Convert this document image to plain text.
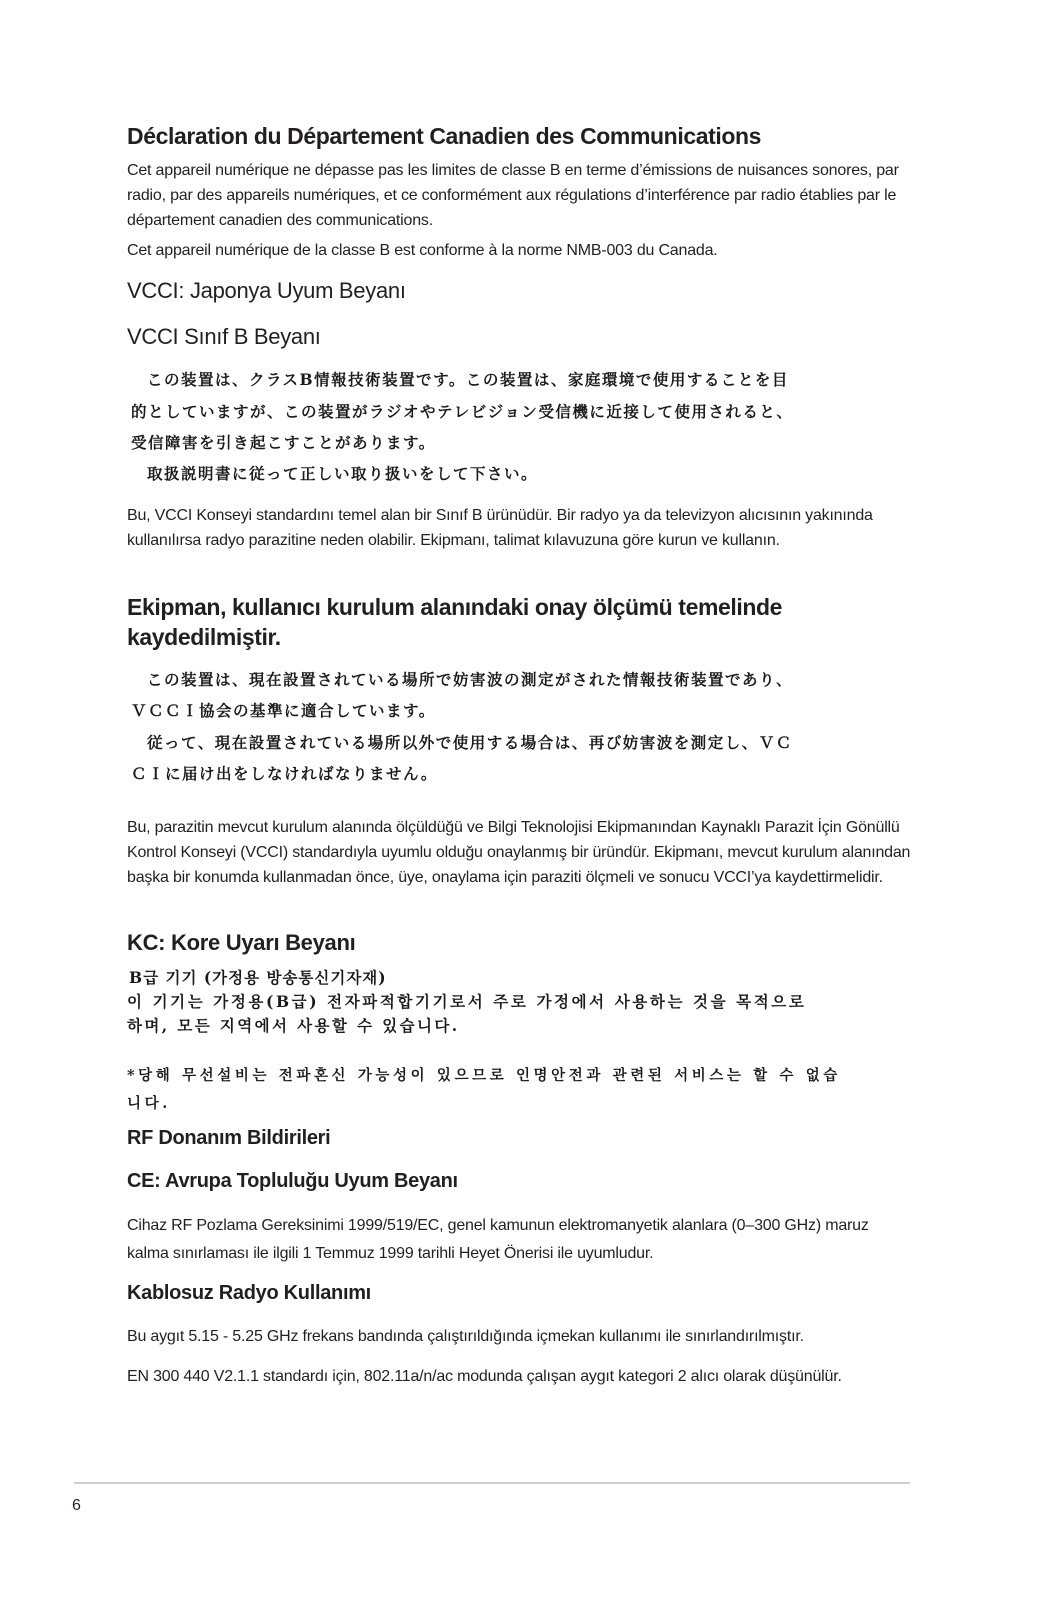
Déclaration du Département Canadien des Communications

Cet appareil numérique ne dépasse pas les limites de classe B en terme d’émissions de nuisances sonores, par radio, par des appareils numériques, et ce conformément aux régulations d’interférence par radio établies par le département canadien des communications.

Cet appareil numérique de la classe B est conforme à la norme NMB-003 du Canada.

VCCI: Japonya Uyum Beyanı
VCCI Sınıf B Beyanı
この装置は、クラスB情報技術装置です。この装置は、家庭環境で使用することを目
的としていますが、この装置がラジオやテレビジョン受信機に近接して使用されると、
受信障害を引き起こすことがあります。
取扱説明書に従って正しい取り扱いをして下さい。

Bu, VCCI Konseyi standardını temel alan bir Sınıf B ürünüdür. Bir radyo ya da televizyon alıcısının yakınında kullanılırsa radyo parazitine neden olabilir. Ekipmanı, talimat kılavuzuna göre kurun ve kullanın.

Ekipman, kullanıcı kurulum alanındaki onay ölçümü temelinde
kaydedilmiştir.
この装置は、現在設置されている場所で妨害波の測定がされた情報技術装置であり、
ＶＣＣＩ協会の基準に適合しています。
従って、現在設置されている場所以外で使用する場合は、再び妨害波を測定し、ＶＣ
ＣＩに届け出をしなければなりません。

Bu, parazitin mevcut kurulum alanında ölçüldüğü ve Bilgi Teknolojisi Ekipmanından Kaynaklı Parazit İçin Gönüllü Kontrol Konseyi (VCCI) standardıyla uyumlu olduğu onaylanmış bir üründür. Ekipmanı, mevcut kurulum alanından başka bir konumda kullanmadan önce, üye, onaylama için paraziti ölçmeli ve sonucu VCCI’ya kaydettirmelidir.

KC: Kore Uyarı Beyanı
B급 기기 (가정용 방송통신기자재)
이 기기는 가정용(B급) 전자파적합기기로서 주로 가정에서 사용하는 것을 목적으로
하며, 모든 지역에서 사용할 수 있습니다.
*당해 무선설비는 전파혼신 가능성이 있으므로 인명안전과 관련된 서비스는 할 수 없습
니다.
RF Donanım Bildirileri
CE: Avrupa Topluluğu Uyum Beyanı

Cihaz RF Pozlama Gereksinimi 1999/519/EC, genel kamunun elektromanyetik alanlara (0–300 GHz) maruz kalma sınırlaması ile ilgili 1 Temmuz 1999 tarihli Heyet Önerisi ile uyumludur.

Kablosuz Radyo Kullanımı

Bu aygıt 5.15 - 5.25 GHz frekans bandında çalıştırıldığında içmekan kullanımı ile sınırlandırılmıştır.

EN 300 440 V2.1.1 standardı için, 802.11a/n/ac modunda çalışan aygıt kategori 2 alıcı olarak düşünülür.

6
